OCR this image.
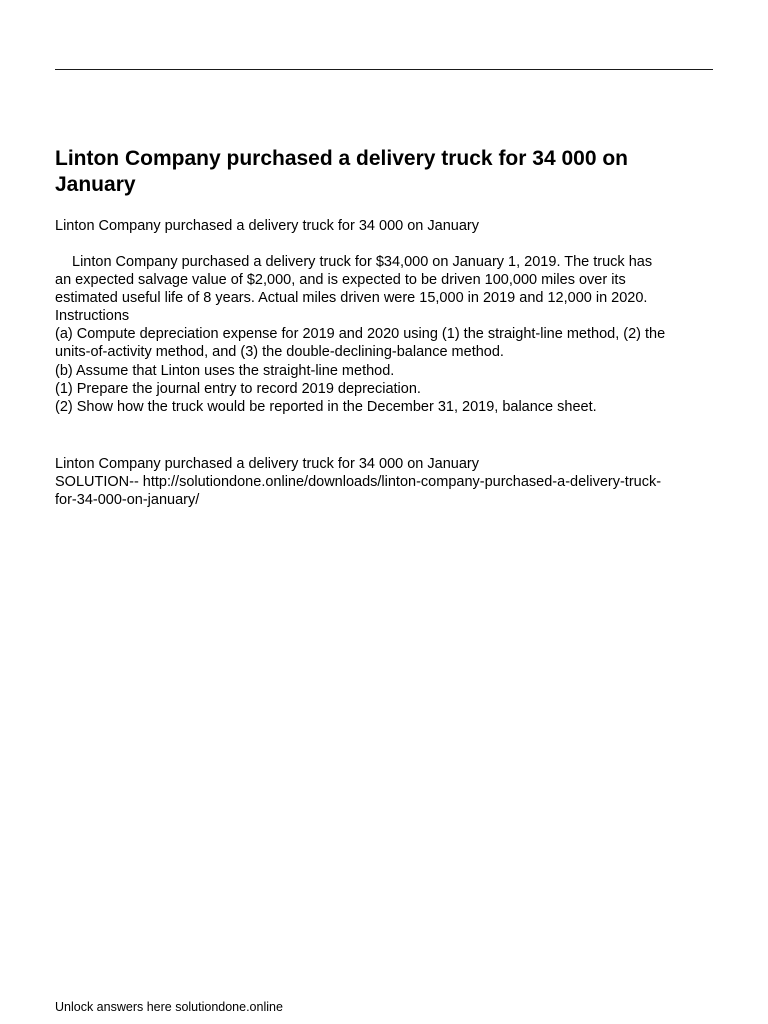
Linton Company purchased a delivery truck for 34 000 on
January

Linton Company purchased a delivery truck for 34 000 on January

Linton Company purchased a delivery truck for $34,000 on January 1, 2019. The truck has
an expected salvage value of $2,000, and is expected to be driven 100,000 miles over its
estimated useful life of 8 years. Actual miles driven were 15,000 in 2019 and 12,000 in 2020.
Instructions
(a) Compute depreciation expense for 2019 and 2020 using (1) the straight-line method, (2) the
units-of-activity method, and (3) the double-declining-balance method.
(b) Assume that Linton uses the straight-line method.
(1) Prepare the journal entry to record 2019 depreciation.
(2) Show how the truck would be reported in the December 31, 2019, balance sheet.
Linton Company purchased a delivery truck for 34 000 on January
SOLUTION-- http://solutiondone.online/downloads/linton-company-purchased-a-delivery-truck-
for-34-000-on-january/
Unlock answers here solutiondone.online
